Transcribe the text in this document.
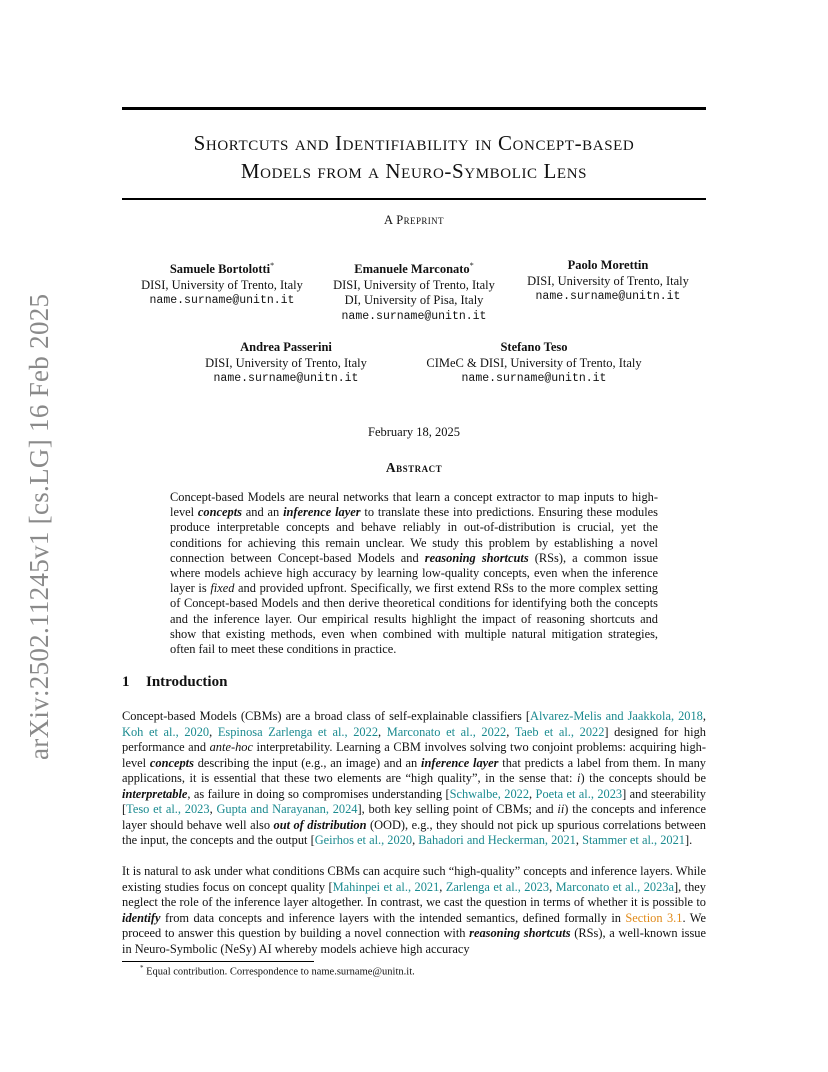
arXiv:2502.11245v1 [cs.LG] 16 Feb 2025
Shortcuts and Identifiability in Concept-based
Models from a Neuro-Symbolic Lens
A Preprint
Samuele Bortolotti*
DISI, University of Trento, Italy
name.surname@unitn.it
Emanuele Marconato*
DISI, University of Trento, Italy
DI, University of Pisa, Italy
name.surname@unitn.it
Paolo Morettin
DISI, University of Trento, Italy
name.surname@unitn.it
Andrea Passerini
DISI, University of Trento, Italy
name.surname@unitn.it
Stefano Teso
CIMeC & DISI, University of Trento, Italy
name.surname@unitn.it
February 18, 2025
Abstract
Concept-based Models are neural networks that learn a concept extractor to map inputs to high-level concepts and an inference layer to translate these into predictions. Ensuring these modules produce interpretable concepts and behave reliably in out-of-distribution is crucial, yet the conditions for achieving this remain unclear. We study this problem by establishing a novel connection between Concept-based Models and reasoning shortcuts (RSs), a common issue where models achieve high accuracy by learning low-quality concepts, even when the inference layer is fixed and provided upfront. Specifically, we first extend RSs to the more complex setting of Concept-based Models and then derive theoretical conditions for identifying both the concepts and the inference layer. Our empirical results highlight the impact of reasoning shortcuts and show that existing methods, even when combined with multiple natural mitigation strategies, often fail to meet these conditions in practice.
1 Introduction
Concept-based Models (CBMs) are a broad class of self-explainable classifiers [Alvarez-Melis and Jaakkola, 2018, Koh et al., 2020, Espinosa Zarlenga et al., 2022, Marconato et al., 2022, Taeb et al., 2022] designed for high performance and ante-hoc interpretability. Learning a CBM involves solving two conjoint problems: acquiring high-level concepts describing the input (e.g., an image) and an inference layer that predicts a label from them. In many applications, it is essential that these two elements are “high quality”, in the sense that: i) the concepts should be interpretable, as failure in doing so compromises understanding [Schwalbe, 2022, Poeta et al., 2023] and steerability [Teso et al., 2023, Gupta and Narayanan, 2024], both key selling point of CBMs; and ii) the concepts and inference layer should behave well also out of distribution (OOD), e.g., they should not pick up spurious correlations between the input, the concepts and the output [Geirhos et al., 2020, Bahadori and Heckerman, 2021, Stammer et al., 2021].
It is natural to ask under what conditions CBMs can acquire such “high-quality” concepts and inference layers. While existing studies focus on concept quality [Mahinpei et al., 2021, Zarlenga et al., 2023, Marconato et al., 2023a], they neglect the role of the inference layer altogether. In contrast, we cast the question in terms of whether it is possible to identify from data concepts and inference layers with the intended semantics, defined formally in Section 3.1. We proceed to answer this question by building a novel connection with reasoning shortcuts (RSs), a well-known issue in Neuro-Symbolic (NeSy) AI whereby models achieve high accuracy
* Equal contribution. Correspondence to name.surname@unitn.it.
